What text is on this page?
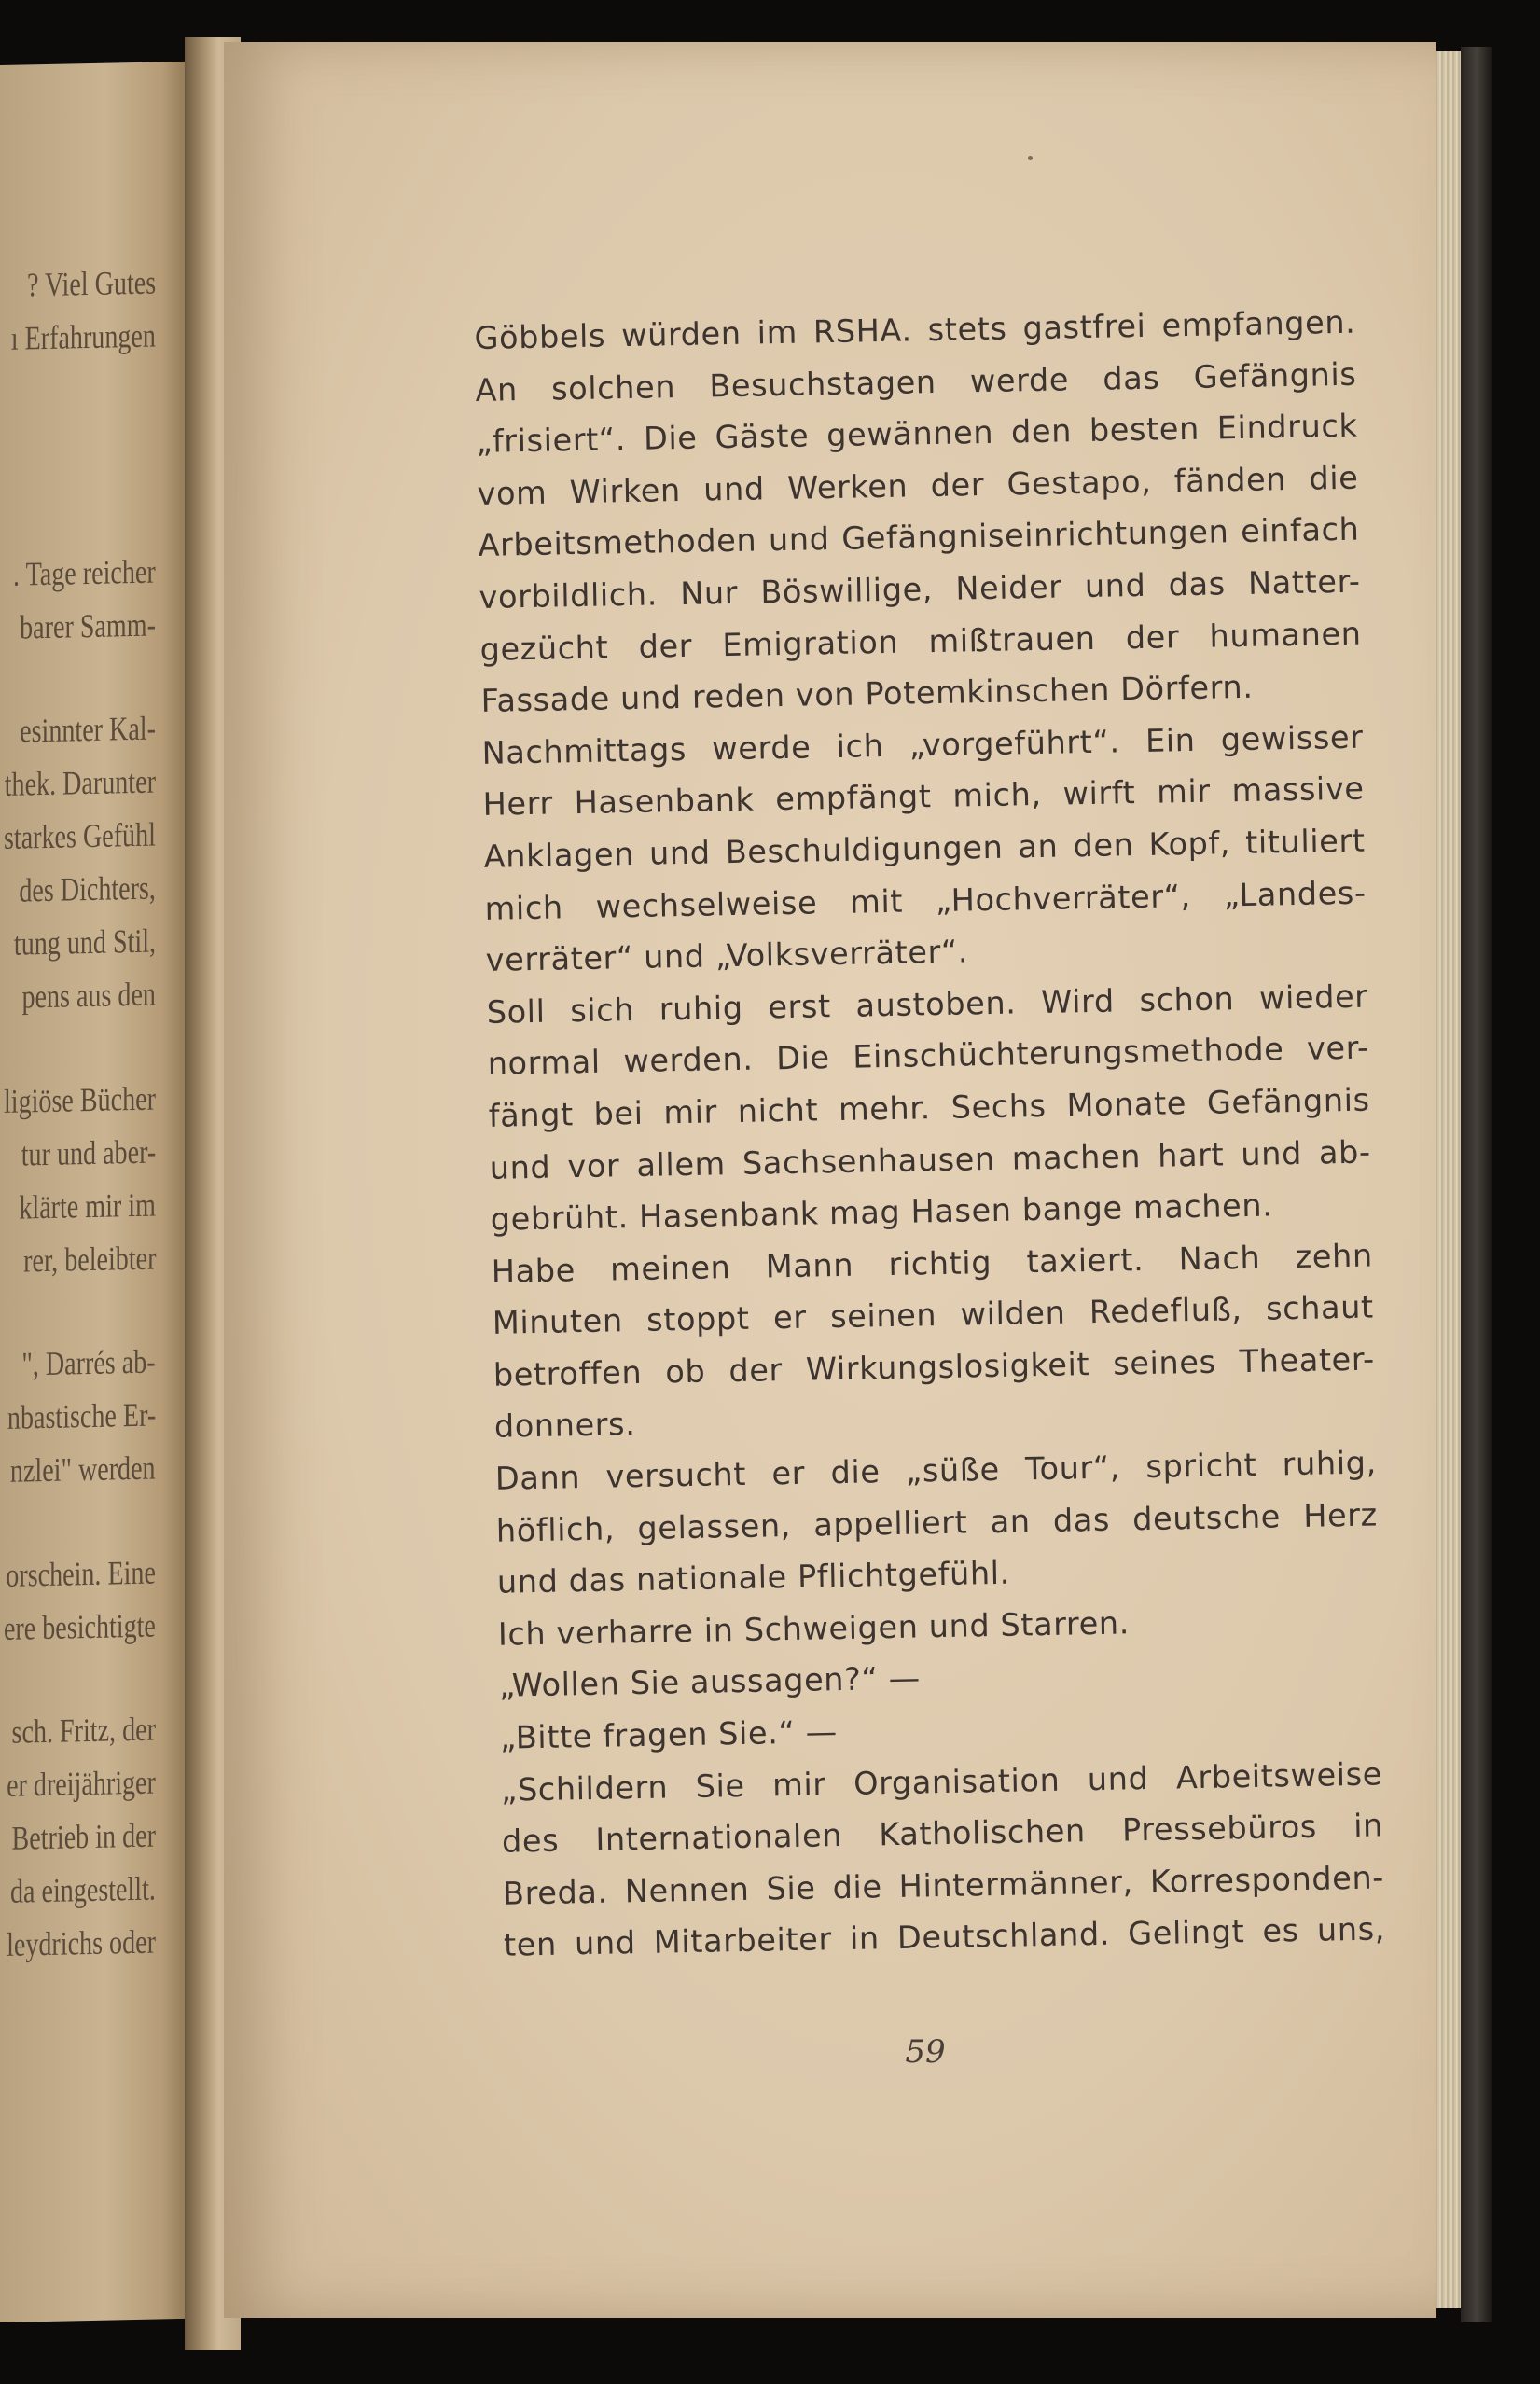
? Viel Gutes
ı Erfahrungen
. Tage reicher
barer Samm-
esinnter Kal-
thek. Darunter
starkes Gefühl
des Dichters,
tung und Stil,
pens aus den
ligiöse Bücher
tur und aber-
klärte mir im
rer, beleibter
", Darrés ab-
nbastische Er-
nzlei" werden
orschein. Eine
ere besichtigte
sch. Fritz, der
er dreijähriger
Betrieb in der
da eingestellt.
leydrichs oder
Göbbels würden im RSHA. stets gastfrei empfangen.
An solchen Besuchstagen werde das Gefängnis
„frisiert“. Die Gäste gewännen den besten Eindruck
vom Wirken und Werken der Gestapo, fänden die
Arbeitsmethoden und Gefängniseinrichtungen einfach
vorbildlich. Nur Böswillige, Neider und das Natter-
gezücht der Emigration mißtrauen der humanen
Fassade und reden von Potemkinschen Dörfern.
Nachmittags werde ich „vorgeführt“. Ein gewisser
Herr Hasenbank empfängt mich, wirft mir massive
Anklagen und Beschuldigungen an den Kopf, tituliert
mich wechselweise mit „Hochverräter“, „Landes-
verräter“ und „Volksverräter“.
Soll sich ruhig erst austoben. Wird schon wieder
normal werden. Die Einschüchterungsmethode ver-
fängt bei mir nicht mehr. Sechs Monate Gefängnis
und vor allem Sachsenhausen machen hart und ab-
gebrüht. Hasenbank mag Hasen bange machen.
Habe meinen Mann richtig taxiert. Nach zehn
Minuten stoppt er seinen wilden Redefluß, schaut
betroffen ob der Wirkungslosigkeit seines Theater-
donners.
Dann versucht er die „süße Tour“, spricht ruhig,
höflich, gelassen, appelliert an das deutsche Herz
und das nationale Pflichtgefühl.
Ich verharre in Schweigen und Starren.
„Wollen Sie aussagen?“ —
„Bitte fragen Sie.“ —
„Schildern Sie mir Organisation und Arbeitsweise
des Internationalen Katholischen Pressebüros in
Breda. Nennen Sie die Hintermänner, Korresponden-
ten und Mitarbeiter in Deutschland. Gelingt es uns,
59
